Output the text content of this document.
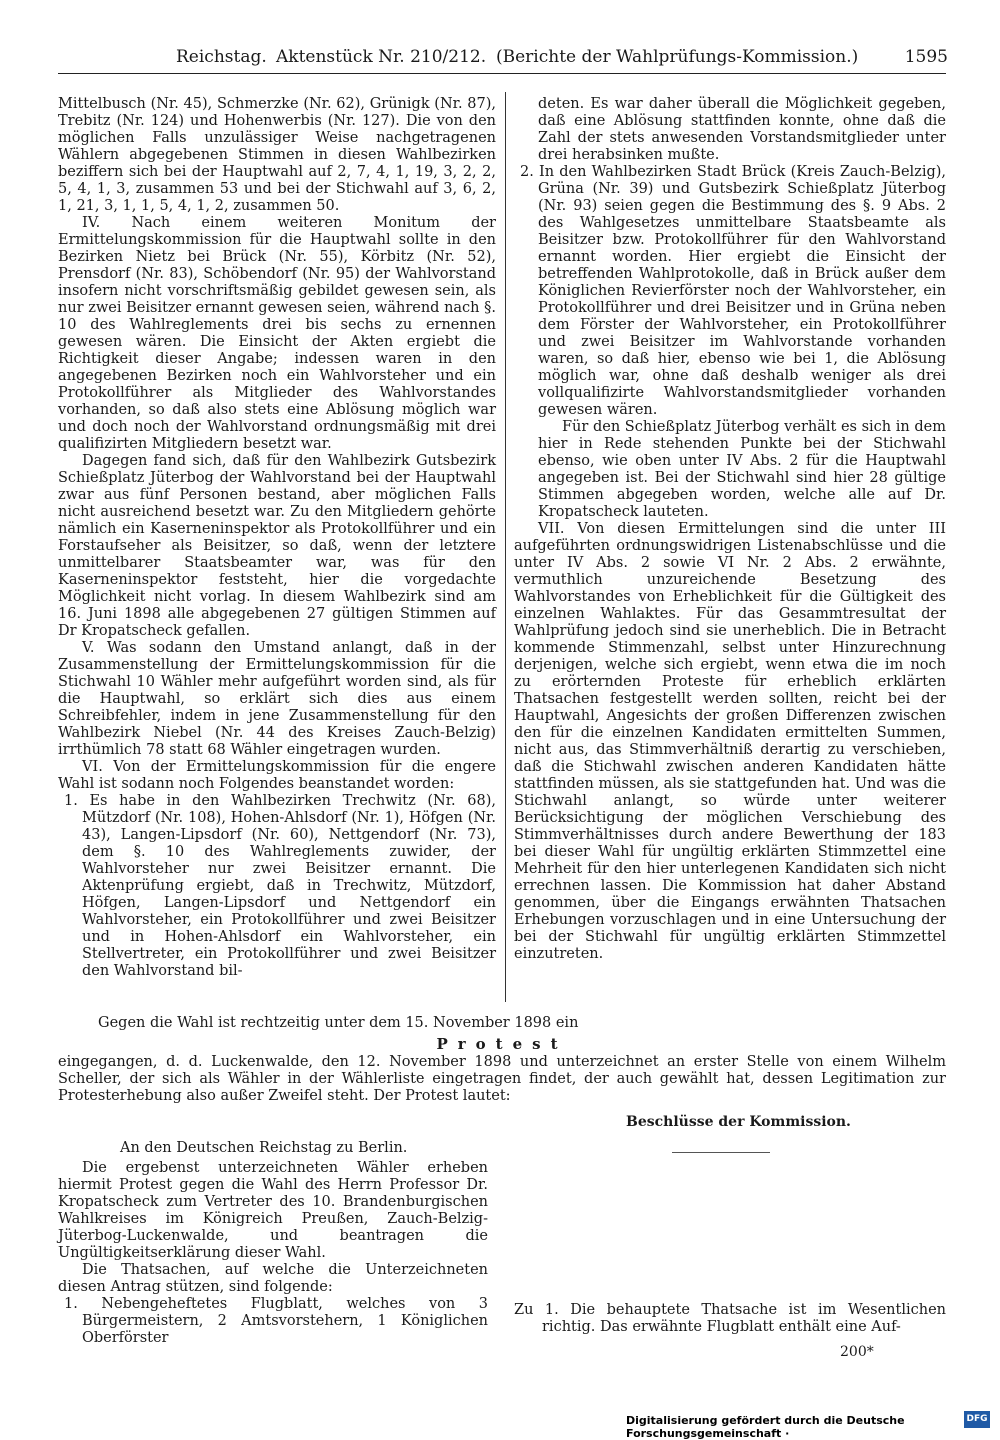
Reichstag. Aktenstück Nr. 210/212. (Berichte der Wahlprüfungs-Kommission.)	1595

Mittelbusch (Nr. 45), Schmerzke (Nr. 62), Grünigk (Nr. 87), Trebitz (Nr. 124) und Hohenwerbis (Nr. 127). Die von den möglichen Falls unzulässiger Weise nachgetragenen Wählern abgegebenen Stimmen in diesen Wahlbezirken beziffern sich bei der Hauptwahl auf 2, 7, 4, 1, 19, 3, 2, 2, 5, 4, 1, 3, zusammen 53 und bei der Stichwahl auf 3, 6, 2, 1, 21, 3, 1, 1, 5, 4, 1, 2, zusammen 50.

IV. Nach einem weiteren Monitum der Ermittelungskommission für die Hauptwahl sollte in den Bezirken Nietz bei Brück (Nr. 55), Körbitz (Nr. 52), Prensdorf (Nr. 83), Schöbendorf (Nr. 95) der Wahlvorstand insofern nicht vorschriftsmäßig gebildet gewesen sein, als nur zwei Beisitzer ernannt gewesen seien, während nach §. 10 des Wahlreglements drei bis sechs zu ernennen gewesen wären. Die Einsicht der Akten ergiebt die Richtigkeit dieser Angabe; indessen waren in den angegebenen Bezirken noch ein Wahlvorsteher und ein Protokollführer als Mitglieder des Wahlvorstandes vorhanden, so daß also stets eine Ablösung möglich war und doch noch der Wahlvorstand ordnungsmäßig mit drei qualifizirten Mitgliedern besetzt war.

Dagegen fand sich, daß für den Wahlbezirk Gutsbezirk Schießplatz Jüterbog der Wahlvorstand bei der Hauptwahl zwar aus fünf Personen bestand, aber möglichen Falls nicht ausreichend besetzt war. Zu den Mitgliedern gehörte nämlich ein Kaserneninspektor als Protokollführer und ein Forstaufseher als Beisitzer, so daß, wenn der letztere unmittelbarer Staatsbeamter war, was für den Kaserneninspektor feststeht, hier die vorgedachte Möglichkeit nicht vorlag. In diesem Wahlbezirk sind am 16. Juni 1898 alle abgegebenen 27 gültigen Stimmen auf Dr Kropatscheck gefallen.

V. Was sodann den Umstand anlangt, daß in der Zusammenstellung der Ermittelungskommission für die Stichwahl 10 Wähler mehr aufgeführt worden sind, als für die Hauptwahl, so erklärt sich dies aus einem Schreibfehler, indem in jene Zusammenstellung für den Wahlbezirk Niebel (Nr. 44 des Kreises Zauch-Belzig) irrthümlich 78 statt 68 Wähler eingetragen wurden.

VI. Von der Ermittelungskommission für die engere Wahl ist sodann noch Folgendes beanstandet worden:

1. Es habe in den Wahlbezirken Trechwitz (Nr. 68), Mützdorf (Nr. 108), Hohen-Ahlsdorf (Nr. 1), Höfgen (Nr. 43), Langen-Lipsdorf (Nr. 60), Nettgendorf (Nr. 73), dem §. 10 des Wahlreglements zuwider, der Wahlvorsteher nur zwei Beisitzer ernannt. Die Aktenprüfung ergiebt, daß in Trechwitz, Mützdorf, Höfgen, Langen-Lipsdorf und Nettgendorf ein Wahlvorsteher, ein Protokollführer und zwei Beisitzer und in Hohen-Ahlsdorf ein Wahlvorsteher, ein Stellvertreter, ein Protokollführer und zwei Beisitzer den Wahlvorstand bil-

deten. Es war daher überall die Möglichkeit gegeben, daß eine Ablösung stattfinden konnte, ohne daß die Zahl der stets anwesenden Vorstandsmitglieder unter drei herabsinken mußte.

2. In den Wahlbezirken Stadt Brück (Kreis Zauch-Belzig), Grüna (Nr. 39) und Gutsbezirk Schießplatz Jüterbog (Nr. 93) seien gegen die Bestimmung des §. 9 Abs. 2 des Wahlgesetzes unmittelbare Staatsbeamte als Beisitzer bzw. Protokollführer für den Wahlvorstand ernannt worden. Hier ergiebt die Einsicht der betreffenden Wahlprotokolle, daß in Brück außer dem Königlichen Revierförster noch der Wahlvorsteher, ein Protokollführer und drei Beisitzer und in Grüna neben dem Förster der Wahlvorsteher, ein Protokollführer und zwei Beisitzer im Wahlvorstande vorhanden waren, so daß hier, ebenso wie bei 1, die Ablösung möglich war, ohne daß deshalb weniger als drei vollqualifizirte Wahlvorstandsmitglieder vorhanden gewesen wären.

Für den Schießplatz Jüterbog verhält es sich in dem hier in Rede stehenden Punkte bei der Stichwahl ebenso, wie oben unter IV Abs. 2 für die Hauptwahl angegeben ist. Bei der Stichwahl sind hier 28 gültige Stimmen abgegeben worden, welche alle auf Dr. Kropatscheck lauteten.

VII. Von diesen Ermittelungen sind die unter III aufgeführten ordnungswidrigen Listenabschlüsse und die unter IV Abs. 2 sowie VI Nr. 2 Abs. 2 erwähnte, vermuthlich unzureichende Besetzung des Wahlvorstandes von Erheblichkeit für die Gültigkeit des einzelnen Wahlaktes. Für das Gesammtresultat der Wahlprüfung jedoch sind sie unerheblich. Die in Betracht kommende Stimmenzahl, selbst unter Hinzurechnung derjenigen, welche sich ergiebt, wenn etwa die im noch zu erörternden Proteste für erheblich erklärten Thatsachen festgestellt werden sollten, reicht bei der Hauptwahl, Angesichts der großen Differenzen zwischen den für die einzelnen Kandidaten ermittelten Summen, nicht aus, das Stimmverhältniß derartig zu verschieben, daß die Stichwahl zwischen anderen Kandidaten hätte stattfinden müssen, als sie stattgefunden hat. Und was die Stichwahl anlangt, so würde unter weiterer Berücksichtigung der möglichen Verschiebung des Stimmverhältnisses durch andere Bewerthung der 183 bei dieser Wahl für ungültig erklärten Stimmzettel eine Mehrheit für den hier unterlegenen Kandidaten sich nicht errechnen lassen. Die Kommission hat daher Abstand genommen, über die Eingangs erwähnten Thatsachen Erhebungen vorzuschlagen und in eine Untersuchung der bei der Stichwahl für ungültig erklärten Stimmzettel einzutreten.

Gegen die Wahl ist rechtzeitig unter dem 15. November 1898 ein
Protest
eingegangen, d. d. Luckenwalde, den 12. November 1898 und unterzeichnet an erster Stelle von einem Wilhelm Scheller, der sich als Wähler in der Wählerliste eingetragen findet, der auch gewählt hat, dessen Legitimation zur Protesterhebung also außer Zweifel steht. Der Protest lautet:
Beschlüsse der Kommission.
An den Deutschen Reichstag zu Berlin.

Die ergebenst unterzeichneten Wähler erheben hiermit Protest gegen die Wahl des Herrn Professor Dr. Kropatscheck zum Vertreter des 10. Brandenburgischen Wahlkreises im Königreich Preußen, Zauch-Belzig-Jüterbog-Luckenwalde, und beantragen die Ungültigkeitserklärung dieser Wahl.

Die Thatsachen, auf welche die Unterzeichneten diesen Antrag stützen, sind folgende:

1. Nebengeheftetes Flugblatt, welches von 3 Bürgermeistern, 2 Amtsvorstehern, 1 Königlichen Oberförster

Zu 1. Die behauptete Thatsache ist im Wesentlichen richtig. Das erwähnte Flugblatt enthält eine Auf-
200*
Digitalisierung gefördert durch die Deutsche Forschungsgemeinschaft ·
DFG
